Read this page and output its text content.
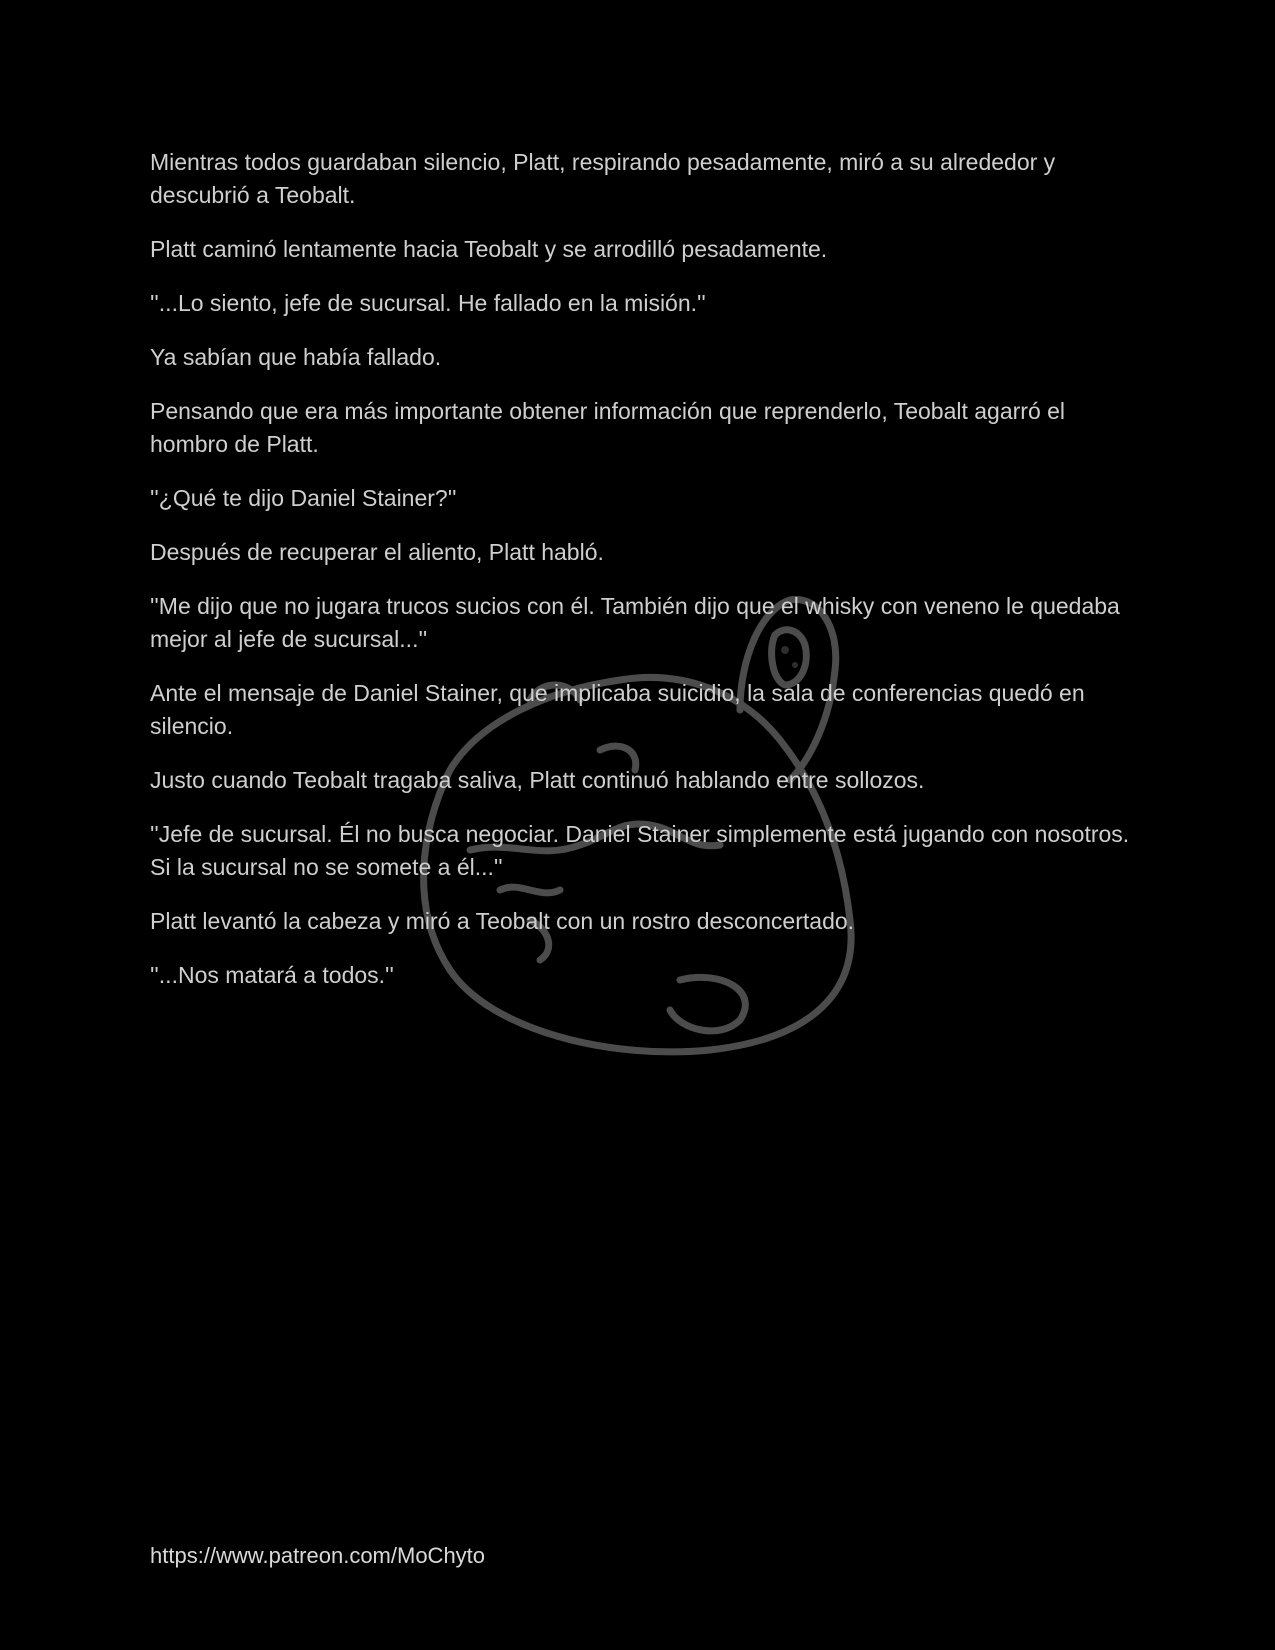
Mientras todos guardaban silencio, Platt, respirando pesadamente, miró a su alrededor y descubrió a Teobalt.

Platt caminó lentamente hacia Teobalt y se arrodilló pesadamente.

''...Lo siento, jefe de sucursal. He fallado en la misión.''

Ya sabían que había fallado.

Pensando que era más importante obtener información que reprenderlo, Teobalt agarró el hombro de Platt.

''¿Qué te dijo Daniel Stainer?''

Después de recuperar el aliento, Platt habló.

''Me dijo que no jugara trucos sucios con él. También dijo que el whisky con veneno le quedaba mejor al jefe de sucursal...''

Ante el mensaje de Daniel Stainer, que implicaba suicidio, la sala de conferencias quedó en silencio.

Justo cuando Teobalt tragaba saliva, Platt continuó hablando entre sollozos.

''Jefe de sucursal. Él no busca negociar. Daniel Stainer simplemente está jugando con nosotros. Si la sucursal no se somete a él...''

Platt levantó la cabeza y miró a Teobalt con un rostro desconcertado.

''...Nos matará a todos.''

https://www.patreon.com/MoChyto
